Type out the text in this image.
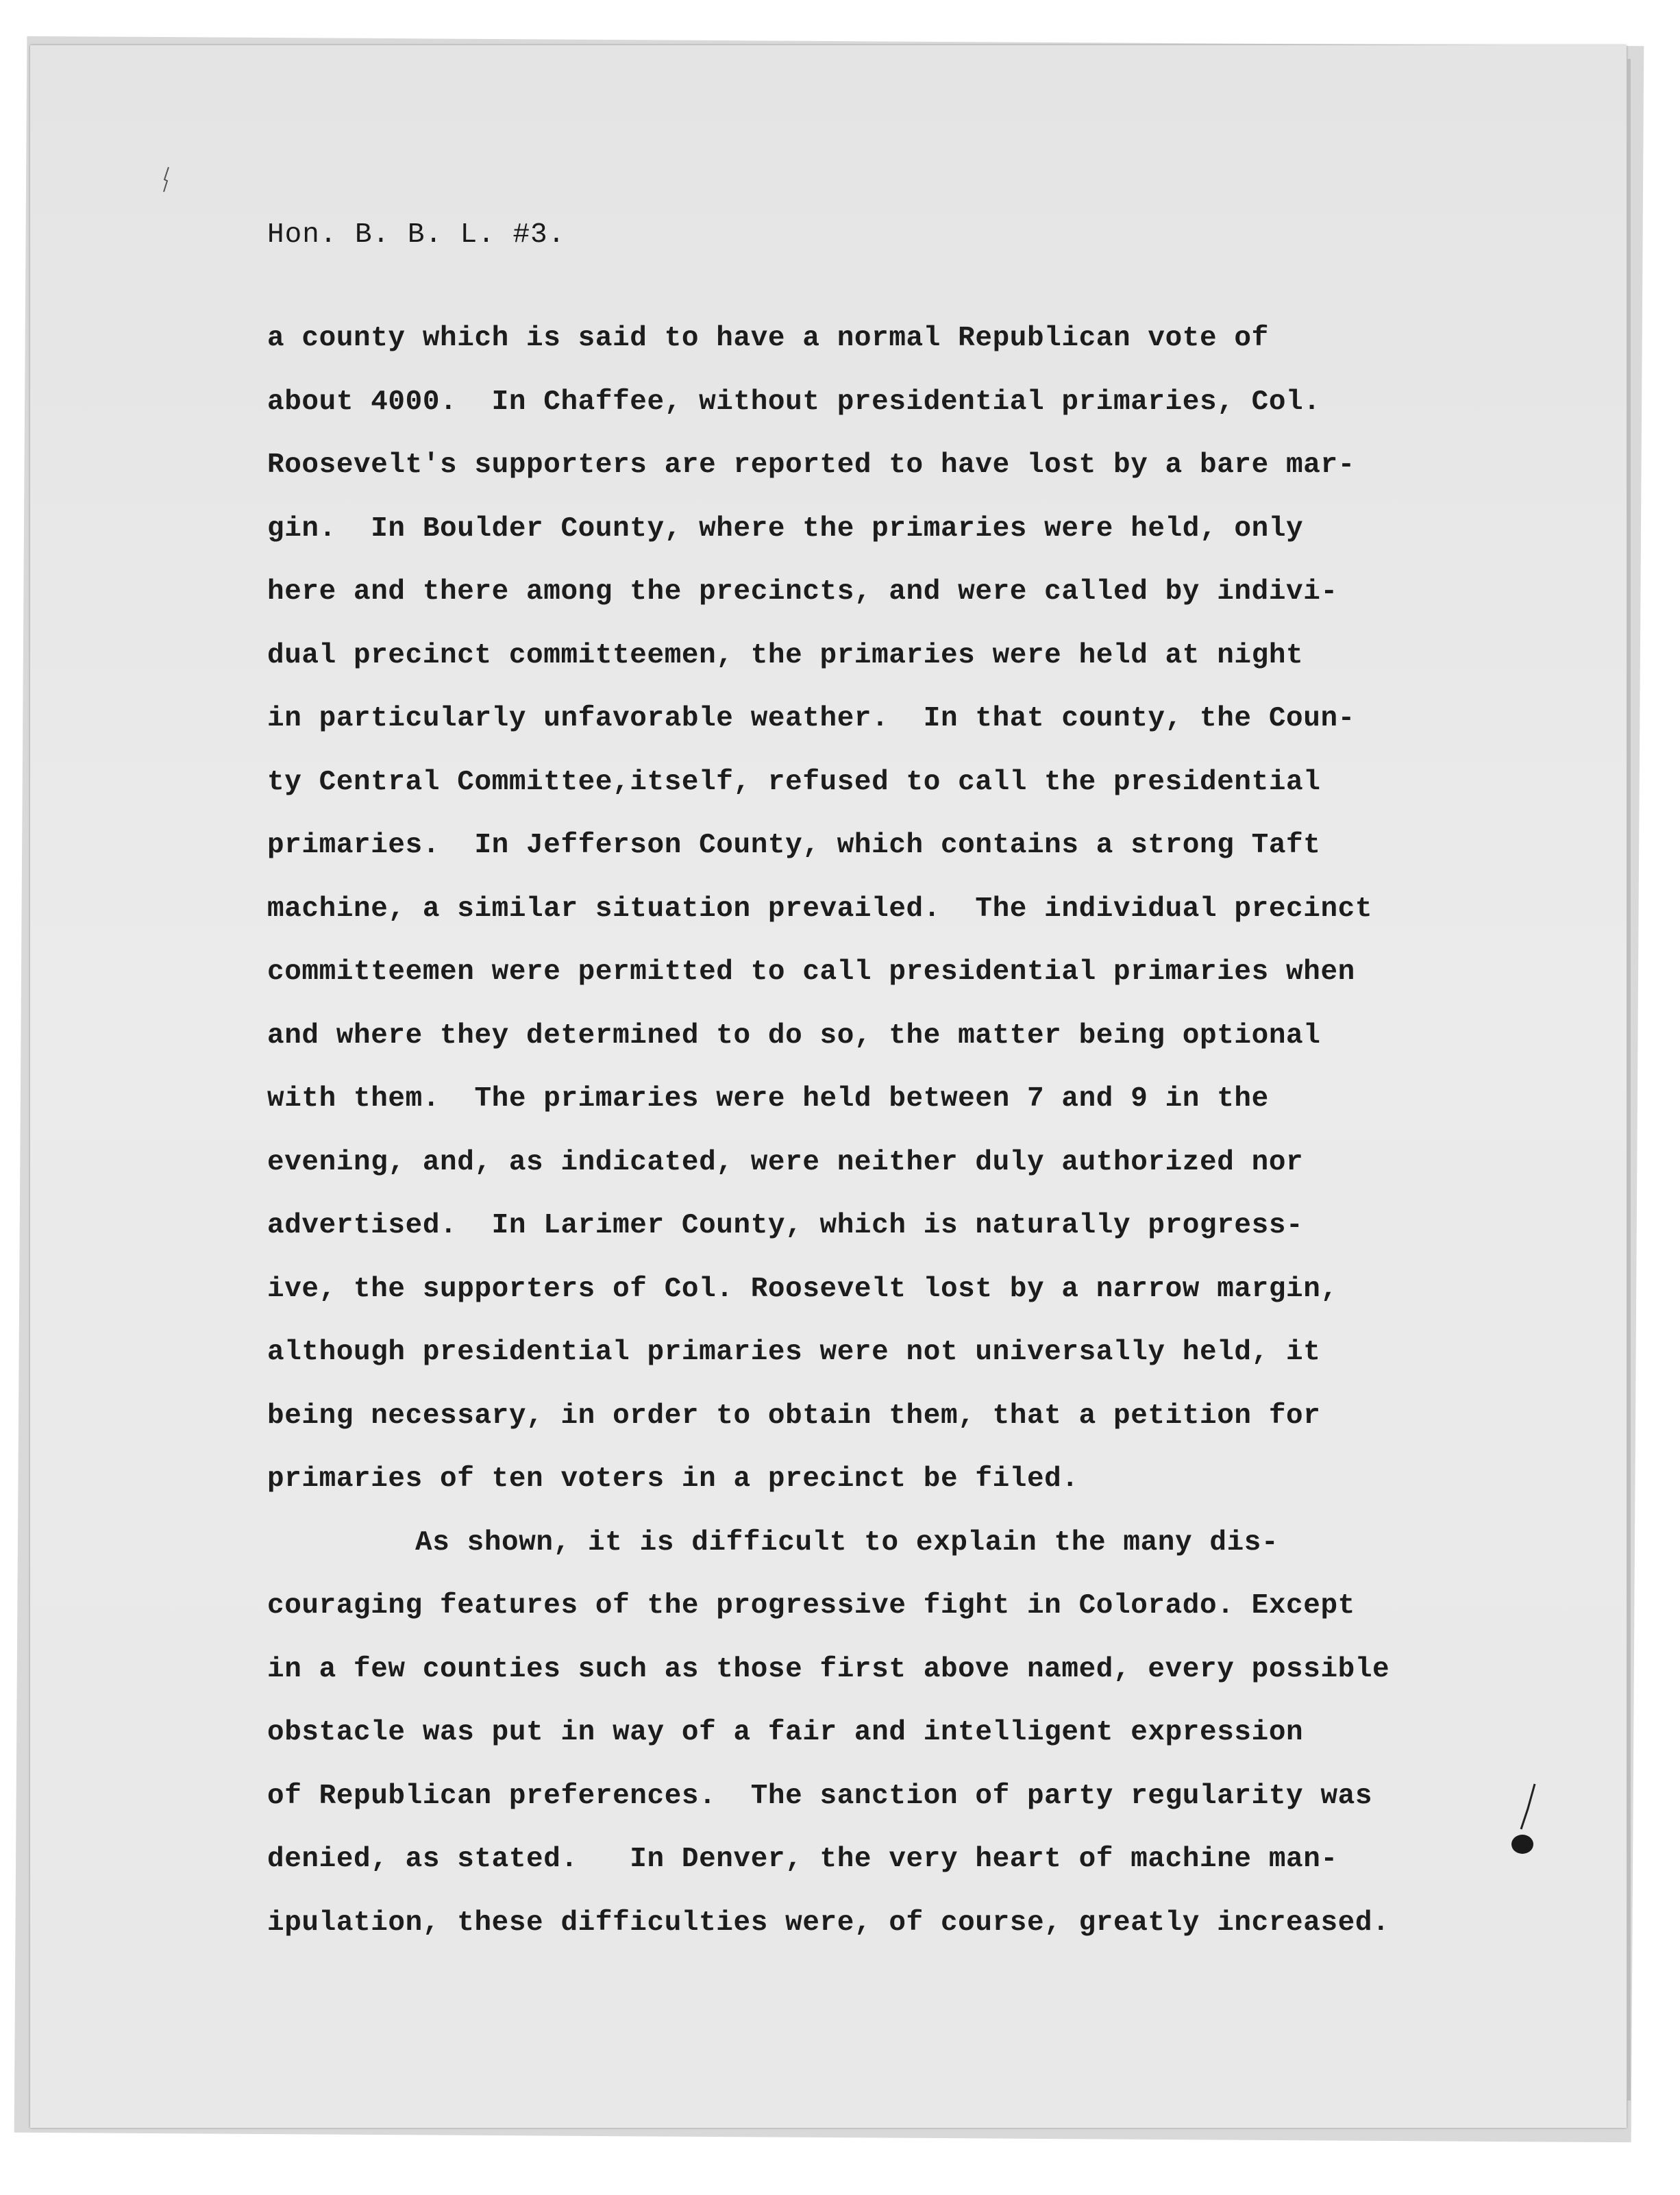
Hon. B. B. L. #3.
a county which is said to have a normal Republican vote of
about 4000.  In Chaffee, without presidential primaries, Col.
Roosevelt's supporters are reported to have lost by a bare mar-
gin.  In Boulder County, where the primaries were held, only
here and there among the precincts, and were called by indivi-
dual precinct committeemen, the primaries were held at night
in particularly unfavorable weather.  In that county, the Coun-
ty Central Committee,itself, refused to call the presidential
primaries.  In Jefferson County, which contains a strong Taft
machine, a similar situation prevailed.  The individual precinct
committeemen were permitted to call presidential primaries when
and where they determined to do so, the matter being optional
with them.  The primaries were held between 7 and 9 in the
evening, and, as indicated, were neither duly authorized nor
advertised.  In Larimer County, which is naturally progress-
ive, the supporters of Col. Roosevelt lost by a narrow margin,
although presidential primaries were not universally held, it
being necessary, in order to obtain them, that a petition for
primaries of ten voters in a precinct be filed.
As shown, it is difficult to explain the many dis-
couraging features of the progressive fight in Colorado. Except
in a few counties such as those first above named, every possible
obstacle was put in way of a fair and intelligent expression
of Republican preferences.  The sanction of party regularity was
denied, as stated.   In Denver, the very heart of machine man-
ipulation, these difficulties were, of course, greatly increased.
